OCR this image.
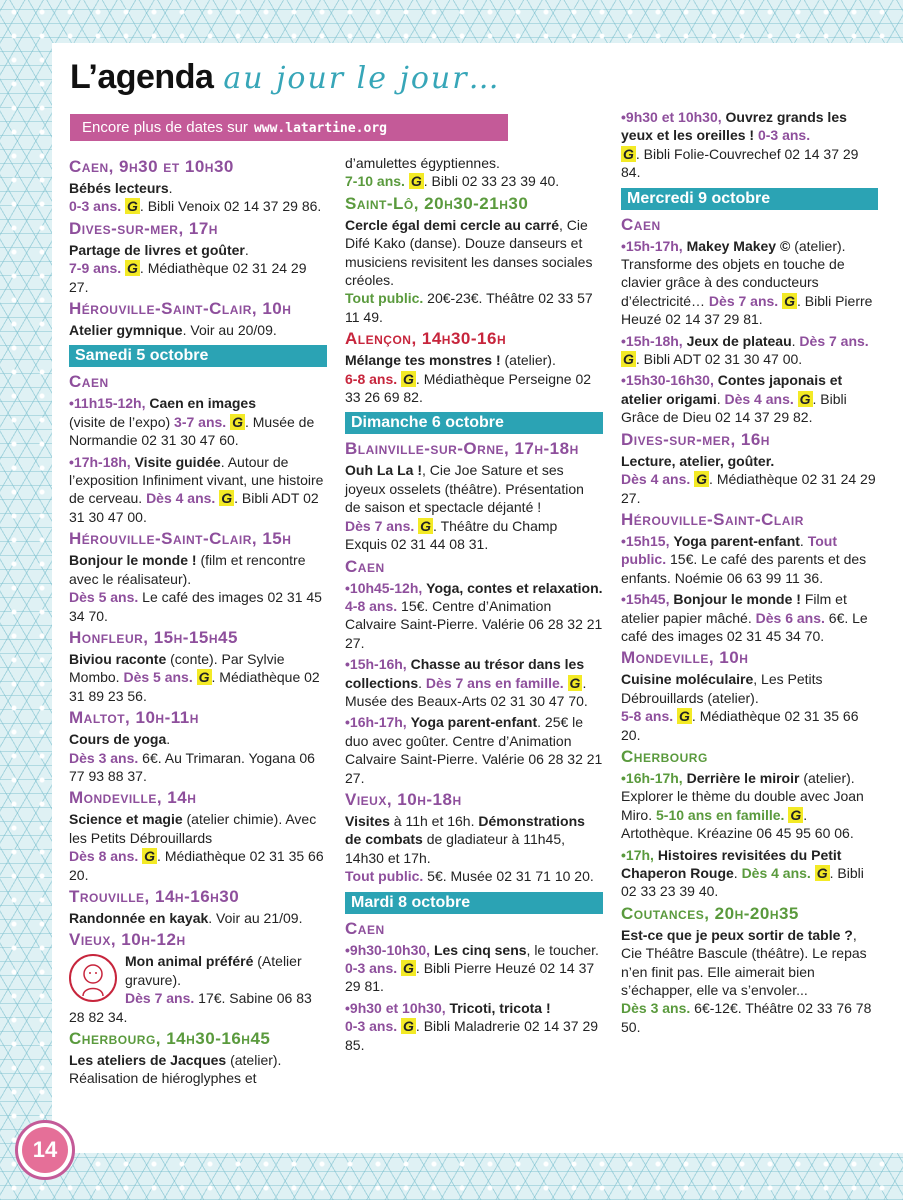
L’agenda au jour le jour…
Encore plus de dates sur www.latartine.org
Caen, 9h30 et 10h30

Bébés lecteurs.
0-3 ans. G . Bibli Venoix 02 14 37 29 86.

Dives-sur-mer, 17h

Partage de livres et goûter.
7-9 ans. G . Médiathèque 02 31 24 29 27.

Hérouville-Saint-Clair, 10h

Atelier gymnique. Voir au 20/09.

Samedi 5 octobre
Caen

•11h15-12h, Caen en images
(visite de l’expo) 3-7 ans. G . Musée de Normandie 02 31 30 47 60.

•17h-18h, Visite guidée. Autour de l’exposition Infiniment vivant, une histoire de cerveau. Dès 4 ans. G . Bibli ADT 02 31 30 47 00.

Hérouville-Saint-Clair, 15h

Bonjour le monde ! (film et rencontre avec le réalisateur).
Dès 5 ans. Le café des images 02 31 45 34 70.

Honfleur, 15h-15h45

Biviou raconte (conte). Par Sylvie Mombo. Dès 5 ans. G . Médiathèque 02 31 89 23 56.

Maltot, 10h-11h

Cours de yoga.
Dès 3 ans. 6€. Au Trimaran. Yogana 06 77 93 88 37.

Mondeville, 14h

Science et magie (atelier chimie). Avec les Petits Débrouillards
Dès 8 ans. G . Médiathèque 02 31 35 66 20.

Trouville, 14h-16h30

Randonnée en kayak. Voir au 21/09.

Vieux, 10h-12h

Mon animal préféré (Atelier gravure).
Dès 7 ans. 17€. Sabine 06 83 28 82 34.

Cherbourg, 14h30-16h45

Les ateliers de Jacques (atelier). Réalisation de hiéroglyphes et

d’amulettes égyptiennes.
7-10 ans. G . Bibli 02 33 23 39 40.

Saint-Lô, 20h30-21h30

Cercle égal demi cercle au carré, Cie Difé Kako (danse). Douze danseurs et musiciens revisitent les danses sociales créoles.
Tout public. 20€-23€. Théâtre 02 33 57 11 49.

Alençon, 14h30-16h

Mélange tes monstres ! (atelier).
6-8 ans. G . Médiathèque Perseigne 02 33 26 69 82.

Dimanche 6 octobre
Blainville-sur-Orne, 17h-18h

Ouh La La !, Cie Joe Sature et ses joyeux osselets (théâtre). Présentation de saison et spectacle déjanté !
Dès 7 ans. G . Théâtre du Champ Exquis 02 31 44 08 31.

Caen

•10h45-12h, Yoga, contes et relaxation. 4-8 ans. 15€. Centre d’Animation Calvaire Saint-Pierre. Valérie 06 28 32 21 27.

•15h-16h, Chasse au trésor dans les collections. Dès 7 ans en famille. G . Musée des Beaux-Arts 02 31 30 47 70.

•16h-17h, Yoga parent-enfant. 25€ le duo avec goûter. Centre d’Animation Calvaire Saint-Pierre. Valérie 06 28 32 21 27.

Vieux, 10h-18h

Visites à 11h et 16h. Démonstrations de combats de gladiateur à 11h45, 14h30 et 17h.
Tout public. 5€. Musée 02 31 71 10 20.

Mardi 8 octobre
Caen

•9h30-10h30, Les cinq sens, le toucher. 0-3 ans. G . Bibli Pierre Heuzé 02 14 37 29 81.

•9h30 et 10h30, Tricoti, tricota !
0-3 ans. G . Bibli Maladrerie 02 14 37 29 85.

•9h30 et 10h30, Ouvrez grands les yeux et les oreilles ! 0-3 ans.
G . Bibli Folie-Couvrechef 02 14 37 29 84.

Mercredi 9 octobre
Caen

•15h-17h, Makey Makey © (atelier). Transforme des objets en touche de clavier grâce à des conducteurs d’électricité… Dès 7 ans. G . Bibli Pierre Heuzé 02 14 37 29 81.

•15h-18h, Jeux de plateau. Dès 7 ans. G . Bibli ADT 02 31 30 47 00.

•15h30-16h30, Contes japonais et atelier origami. Dès 4 ans. G . Bibli Grâce de Dieu 02 14 37 29 82.

Dives-sur-mer, 16h

Lecture, atelier, goûter.
Dès 4 ans. G . Médiathèque 02 31 24 29 27.

Hérouville-Saint-Clair

•15h15, Yoga parent-enfant. Tout public. 15€. Le café des parents et des enfants. Noémie 06 63 99 11 36.

•15h45, Bonjour le monde ! Film et atelier papier mâché. Dès 6 ans. 6€. Le café des images 02 31 45 34 70.

Mondeville, 10h

Cuisine moléculaire, Les Petits Débrouillards (atelier).
5-8 ans. G . Médiathèque 02 31 35 66 20.

Cherbourg

•16h-17h, Derrière le miroir (atelier). Explorer le thème du double avec Joan Miro. 5-10 ans en famille. G . Artothèque. Kréazine 06 45 95 60 06.

•17h, Histoires revisitées du Petit Chaperon Rouge. Dès 4 ans. G . Bibli 02 33 23 39 40.

Coutances, 20h-20h35

Est-ce que je peux sortir de table ?, Cie Théâtre Bascule (théâtre). Le repas n’en finit pas. Elle aimerait bien s’échapper, elle va s’envoler...
Dès 3 ans. 6€-12€. Théâtre 02 33 76 78 50.

14
